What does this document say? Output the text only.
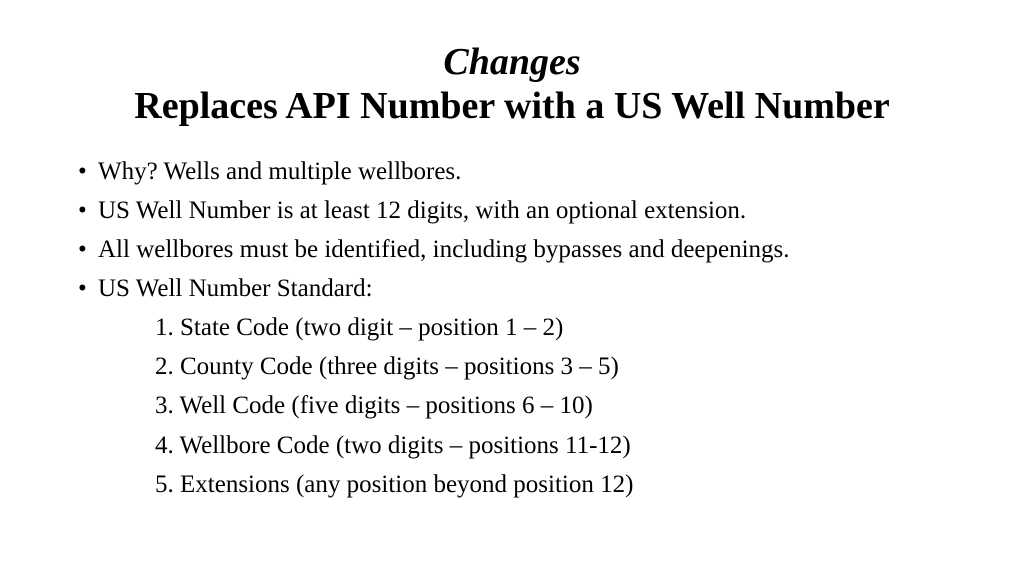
Changes
Replaces API Number with a US Well Number
• Why? Wells and multiple wellbores.
• US Well Number is at least 12 digits, with an optional extension.
• All wellbores must be identified, including bypasses and deepenings.
• US Well Number Standard:
1. State Code (two digit – position 1 – 2)
2. County Code (three digits – positions 3 – 5)
3. Well Code (five digits – positions 6 – 10)
4. Wellbore Code (two digits – positions 11-12)
5. Extensions (any position beyond position 12)
